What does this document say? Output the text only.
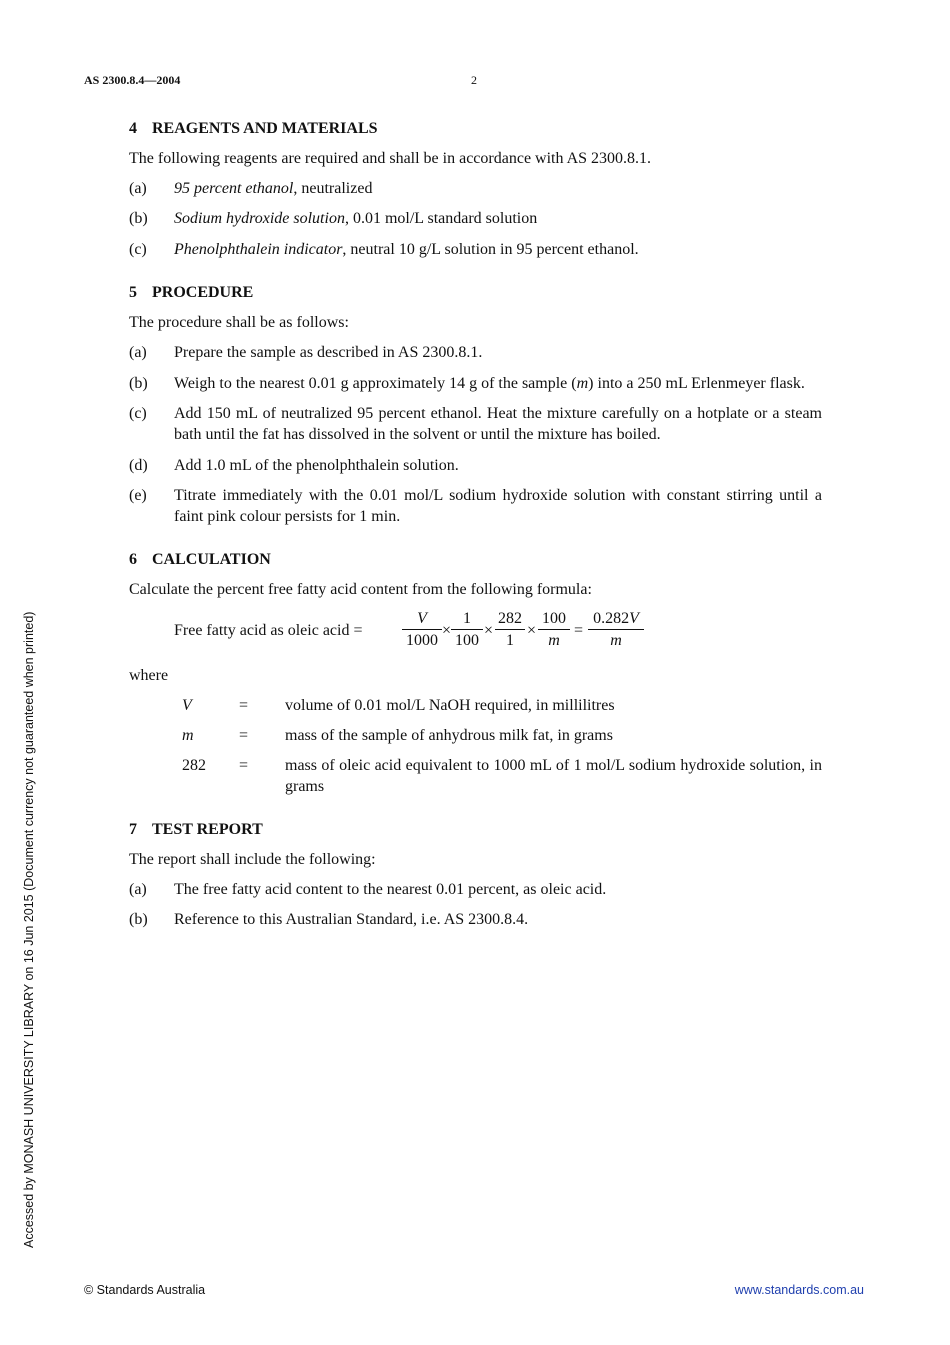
AS 2300.8.4—2004	2

4 REAGENTS AND MATERIALS

The following reagents are required and shall be in accordance with AS 2300.8.1.

(a) 95 percent ethanol, neutralized

(b) Sodium hydroxide solution, 0.01 mol/L standard solution

(c) Phenolphthalein indicator, neutral 10 g/L solution in 95 percent ethanol.

5 PROCEDURE

The procedure shall be as follows:

(a) Prepare the sample as described in AS 2300.8.1.

(b) Weigh to the nearest 0.01 g approximately 14 g of the sample (m) into a 250 mL Erlenmeyer flask.

(c) Add 150 mL of neutralized 95 percent ethanol. Heat the mixture carefully on a hotplate or a steam bath until the fat has dissolved in the solvent or until the mixture has boiled.

(d) Add 1.0 mL of the phenolphthalein solution.

(e) Titrate immediately with the 0.01 mol/L sodium hydroxide solution with constant stirring until a faint pink colour persists for 1 min.

6 CALCULATION

Calculate the percent free fatty acid content from the following formula:

Free fatty acid as oleic acid = $\frac{V}{1000} \times \frac{1}{100} \times \frac{282}{1} \times \frac{100}{m} = \frac{0.282V}{m}$

where

V	= volume of 0.01 mol/L NaOH required, in millilitres
m	= mass of the sample of anhydrous milk fat, in grams
282 = mass of oleic acid equivalent to 1000 mL of 1 mol/L sodium hydroxide solution, in grams

7 TEST REPORT

The report shall include the following:

(a) The free fatty acid content to the nearest 0.01 percent, as oleic acid.

(b) Reference to this Australian Standard, i.e. AS 2300.8.4.

Accessed by MONASH UNIVERSITY LIBRARY on 16 Jun 2015 (Document currency not guaranteed when printed)
© Standards Australia	www.standards.com.au
